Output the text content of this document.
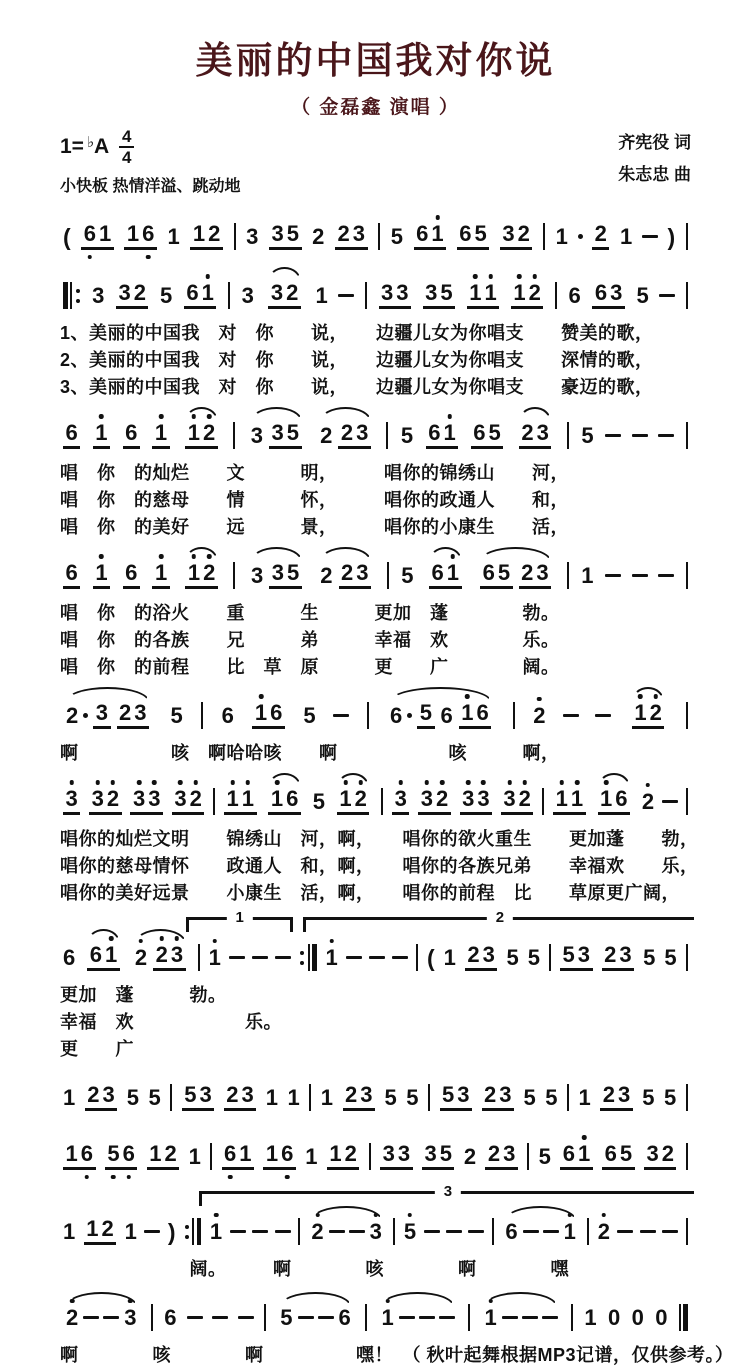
美丽的中国我对你说
（ 金磊鑫 演唱 ）
1= ♭ A $\frac{4}{4}$
小快板 热情洋溢、跳动地
齐宪役 词
朱志忠 曲
( 6 1 1 6 1 1 2 3 3 5 2 2 3 5 6 1 6 5 3 2 1 2 1 )
3 3 2 5 6 1 3 3 2 1 3 3 3 5 1 1 1 2 6 6 3 5
1、美丽的中国我　对　你　　说，　　边疆儿女为你唱支　　赞美的歌，
2、美丽的中国我　对　你　　说，　　边疆儿女为你唱支　　深情的歌，
3、美丽的中国我　对　你　　说，　　边疆儿女为你唱支　　豪迈的歌，
6 1 6 1 1 2 3 3 5 2 2 3 5 6 1 6 5 2 3 5
唱　你　的灿烂　　文　　　明，　　　唱你的锦绣山　　河，
唱　你　的慈母　　情　　　怀，　　　唱你的政通人　　和，
唱　你　的美好　　远　　　景，　　　唱你的小康生　　活，
6 1 6 1 1 2 3 3 5 2 2 3 5 6 1 6 5 2 3 1
唱　你　的浴火　　重　　　生　　　更加　蓬　　　　勃。
唱　你　的各族　　兄　　　弟　　　幸福　欢　　　　乐。
唱　你　的前程　　比　草　原　　　更　　广　　　　阔。
2 3 2 3 5 6 1 6 5	6 5 6 1 6 2	1 2
啊　　　　　咳　啊哈哈咳　　啊　　　　　　咳　　　啊，
3 3 2 3 3 3 2 1 1 1 6 5 1 2 3 3 2 3 3 3 2 1 1 1 6 2
唱你的灿烂文明　　锦绣山　河，啊，　　唱你的欲火重生　　更加蓬　　勃，
唱你的慈母情怀　　政通人　和，啊，　　唱你的各族兄弟　　幸福欢　　乐，
唱你的美好远景　　小康生　活，啊，　　唱你的前程　比　　草原更广阔，
1	2
6 6 1 2 2 3 1	1	( 1 2 3 5 5 5 3 2 3 5 5
更加　蓬　　　勃。
幸福　欢　　　　　　乐。
更　　广
1 2 3 5 5 5 3 2 3 1 1 1 2 3 5 5 5 3 2 3 5 5 1 2 3 5 5
1 6 5 6 1 2 1 6 1 1 6 1 1 2 3 3 3 5 2 2 3 5 6 1 6 5 3 2
3
1 1 2 1 ) 1	2 3 5	6 1 2
　　　　　　　阔。　　　啊　　　　咳　　　　啊　　　　嘿
2 3 6	5 6 1	1	1 0 0 0
啊　　　　咳　　　　啊　　　　　嘿！　（ 秋叶起舞根据MP3记谱，仅供参考。）
